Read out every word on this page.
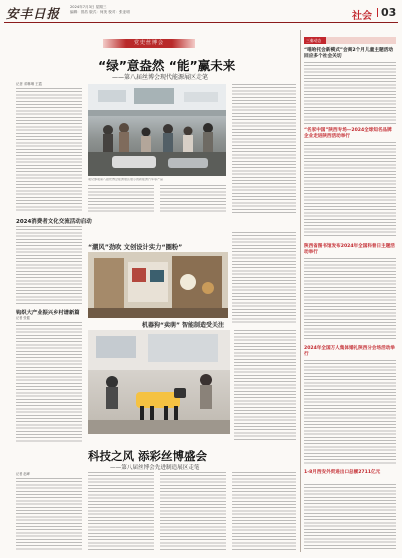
安丰日报	2024年7月3日 星期三
编辑：曾浩 版式：何美 校对：张亚明	社会 03
党史丝博会
“绿”意盎然 “能”赢未来
——第八届丝博会现代能源展区走笔
记者 邓琳琳 王霞
观众参观第八届丝博会能源展区展示的新能源汽车等产品
2024消费者文化交流活动启动
钩织大产业振兴乡村谱新篇
记者 张健
“潮风”劲吹 文创设计实力“圈粉”
机器狗“卖萌” 智能制造受关注
科技之风 添彩丝博盛会
——第八届丝博会先进制造展区走笔
记者 赵峰
三秦动态
“喵哈托会新模式”会商2个月儿童主题活动回应多个社会关切
“名家中国”陕西专场—2024全球知名品牌企业走进陕西活动举行
陕西省图书馆发布2024年全国科普日主题活动举行
2024年全国万人集体婚礼陕西分会场活动举行
1-8月西安外贸进出口总额2711亿元
